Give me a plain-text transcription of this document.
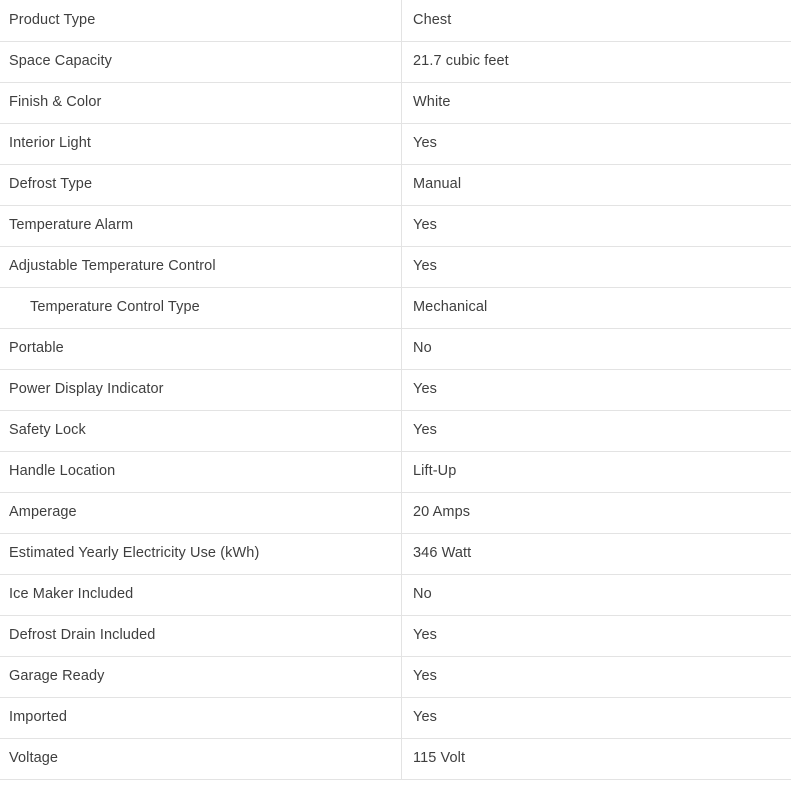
Product Type	Chest

Space Capacity	21.7 cubic feet

Finish & Color	White

Interior Light	Yes

Defrost Type	Manual

Temperature Alarm	Yes

Adjustable Temperature Control	Yes

Temperature Control Type	Mechanical

Portable	No

Power Display Indicator	Yes

Safety Lock	Yes

Handle Location	Lift-Up

Amperage	20 Amps

Estimated Yearly Electricity Use (kWh)	346 Watt

Ice Maker Included	No

Defrost Drain Included	Yes

Garage Ready	Yes

Imported	Yes

Voltage	115 Volt
